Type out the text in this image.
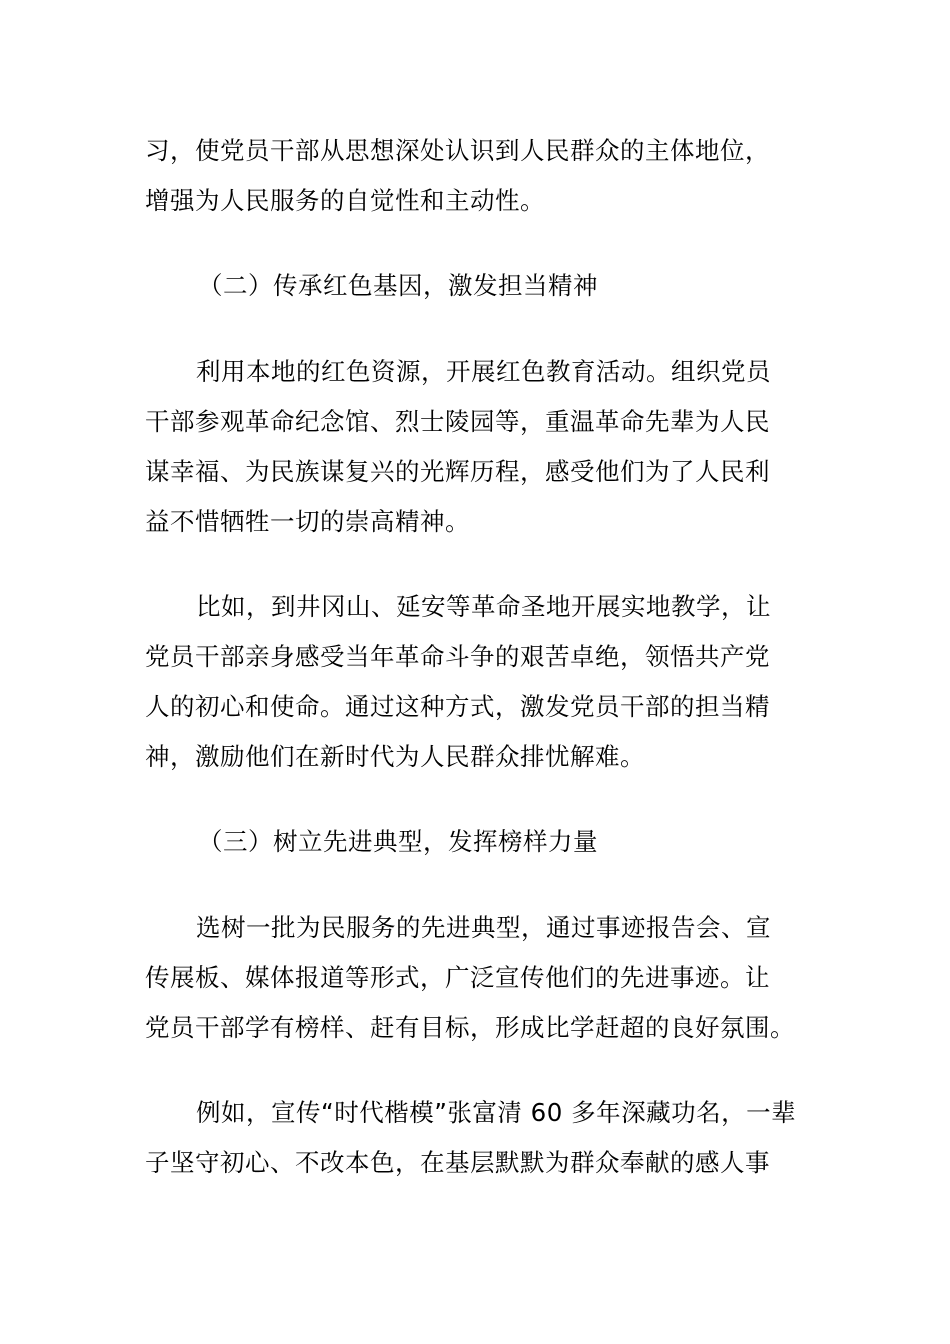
习，使党员干部从思想深处认识到人民群众的主体地位，
增强为人民服务的自觉性和主动性。
（二）传承红色基因，激发担当精神
利用本地的红色资源，开展红色教育活动。组织党员
干部参观革命纪念馆、烈士陵园等，重温革命先辈为人民
谋幸福、为民族谋复兴的光辉历程，感受他们为了人民利
益不惜牺牲一切的崇高精神。
比如，到井冈山、延安等革命圣地开展实地教学，让
党员干部亲身感受当年革命斗争的艰苦卓绝，领悟共产党
人的初心和使命。通过这种方式，激发党员干部的担当精
神，激励他们在新时代为人民群众排忧解难。
（三）树立先进典型，发挥榜样力量
选树一批为民服务的先进典型，通过事迹报告会、宣
传展板、媒体报道等形式，广泛宣传他们的先进事迹。让
党员干部学有榜样、赶有目标，形成比学赶超的良好氛围。
例如，宣传“时代楷模”张富清 60 多年深藏功名，一辈
子坚守初心、不改本色，在基层默默为群众奉献的感人事
